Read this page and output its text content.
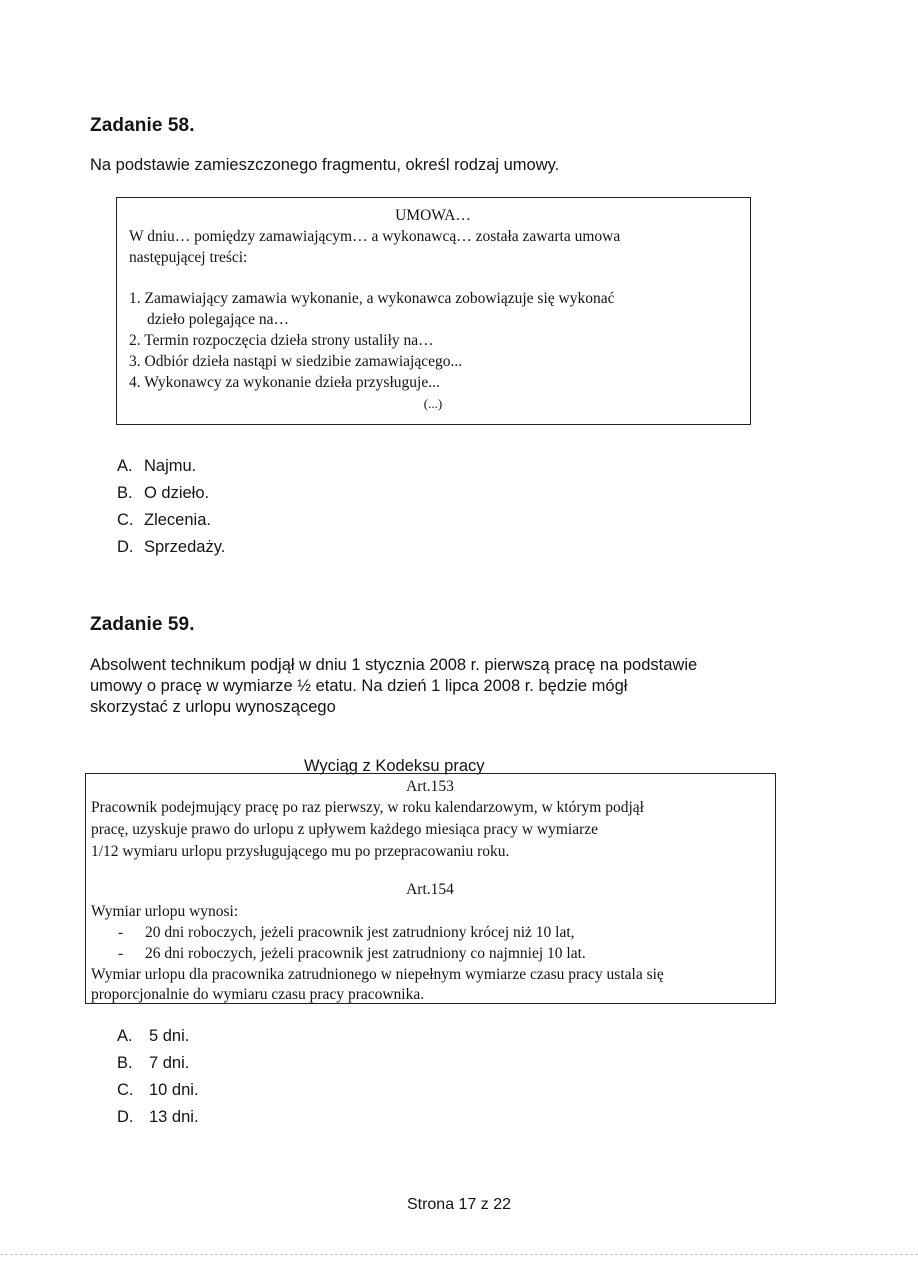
Zadanie 58.
Na podstawie zamieszczonego fragmentu, określ rodzaj umowy.
UMOWA…
W dniu… pomiędzy zamawiającym… a wykonawcą… została zawarta umowa
następującej treści:
1. Zamawiający zamawia wykonanie, a wykonawca zobowiązuje się wykonać
dzieło polegające na…
2. Termin rozpoczęcia dzieła strony ustaliły na…
3. Odbiór dzieła nastąpi w siedzibie zamawiającego...
4. Wykonawcy za wykonanie dzieła przysługuje...
(...)
A. Najmu.
B. O dzieło.
C. Zlecenia.
D. Sprzedaży.
Zadanie 59.
Absolwent technikum podjął w dniu 1 stycznia 2008 r. pierwszą pracę na podstawie
umowy o pracę w wymiarze ½ etatu. Na dzień 1 lipca 2008 r. będzie mógł
skorzystać z urlopu wynoszącego
Wyciąg z Kodeksu pracy
Art.153
Pracownik podejmujący pracę po raz pierwszy, w roku kalendarzowym, w którym podjął
pracę, uzyskuje prawo do urlopu z upływem każdego miesiąca pracy w wymiarze
1/12 wymiaru urlopu przysługującego mu po przepracowaniu roku.
Art.154
Wymiar urlopu wynosi:
- 20 dni roboczych, jeżeli pracownik jest zatrudniony krócej niż 10 lat,
- 26 dni roboczych, jeżeli pracownik jest zatrudniony co najmniej 10 lat.
Wymiar urlopu dla pracownika zatrudnionego w niepełnym wymiarze czasu pracy ustala się
proporcjonalnie do wymiaru czasu pracy pracownika.
A. 5 dni.
B. 7 dni.
C. 10 dni.
D. 13 dni.
Strona 17 z 22
